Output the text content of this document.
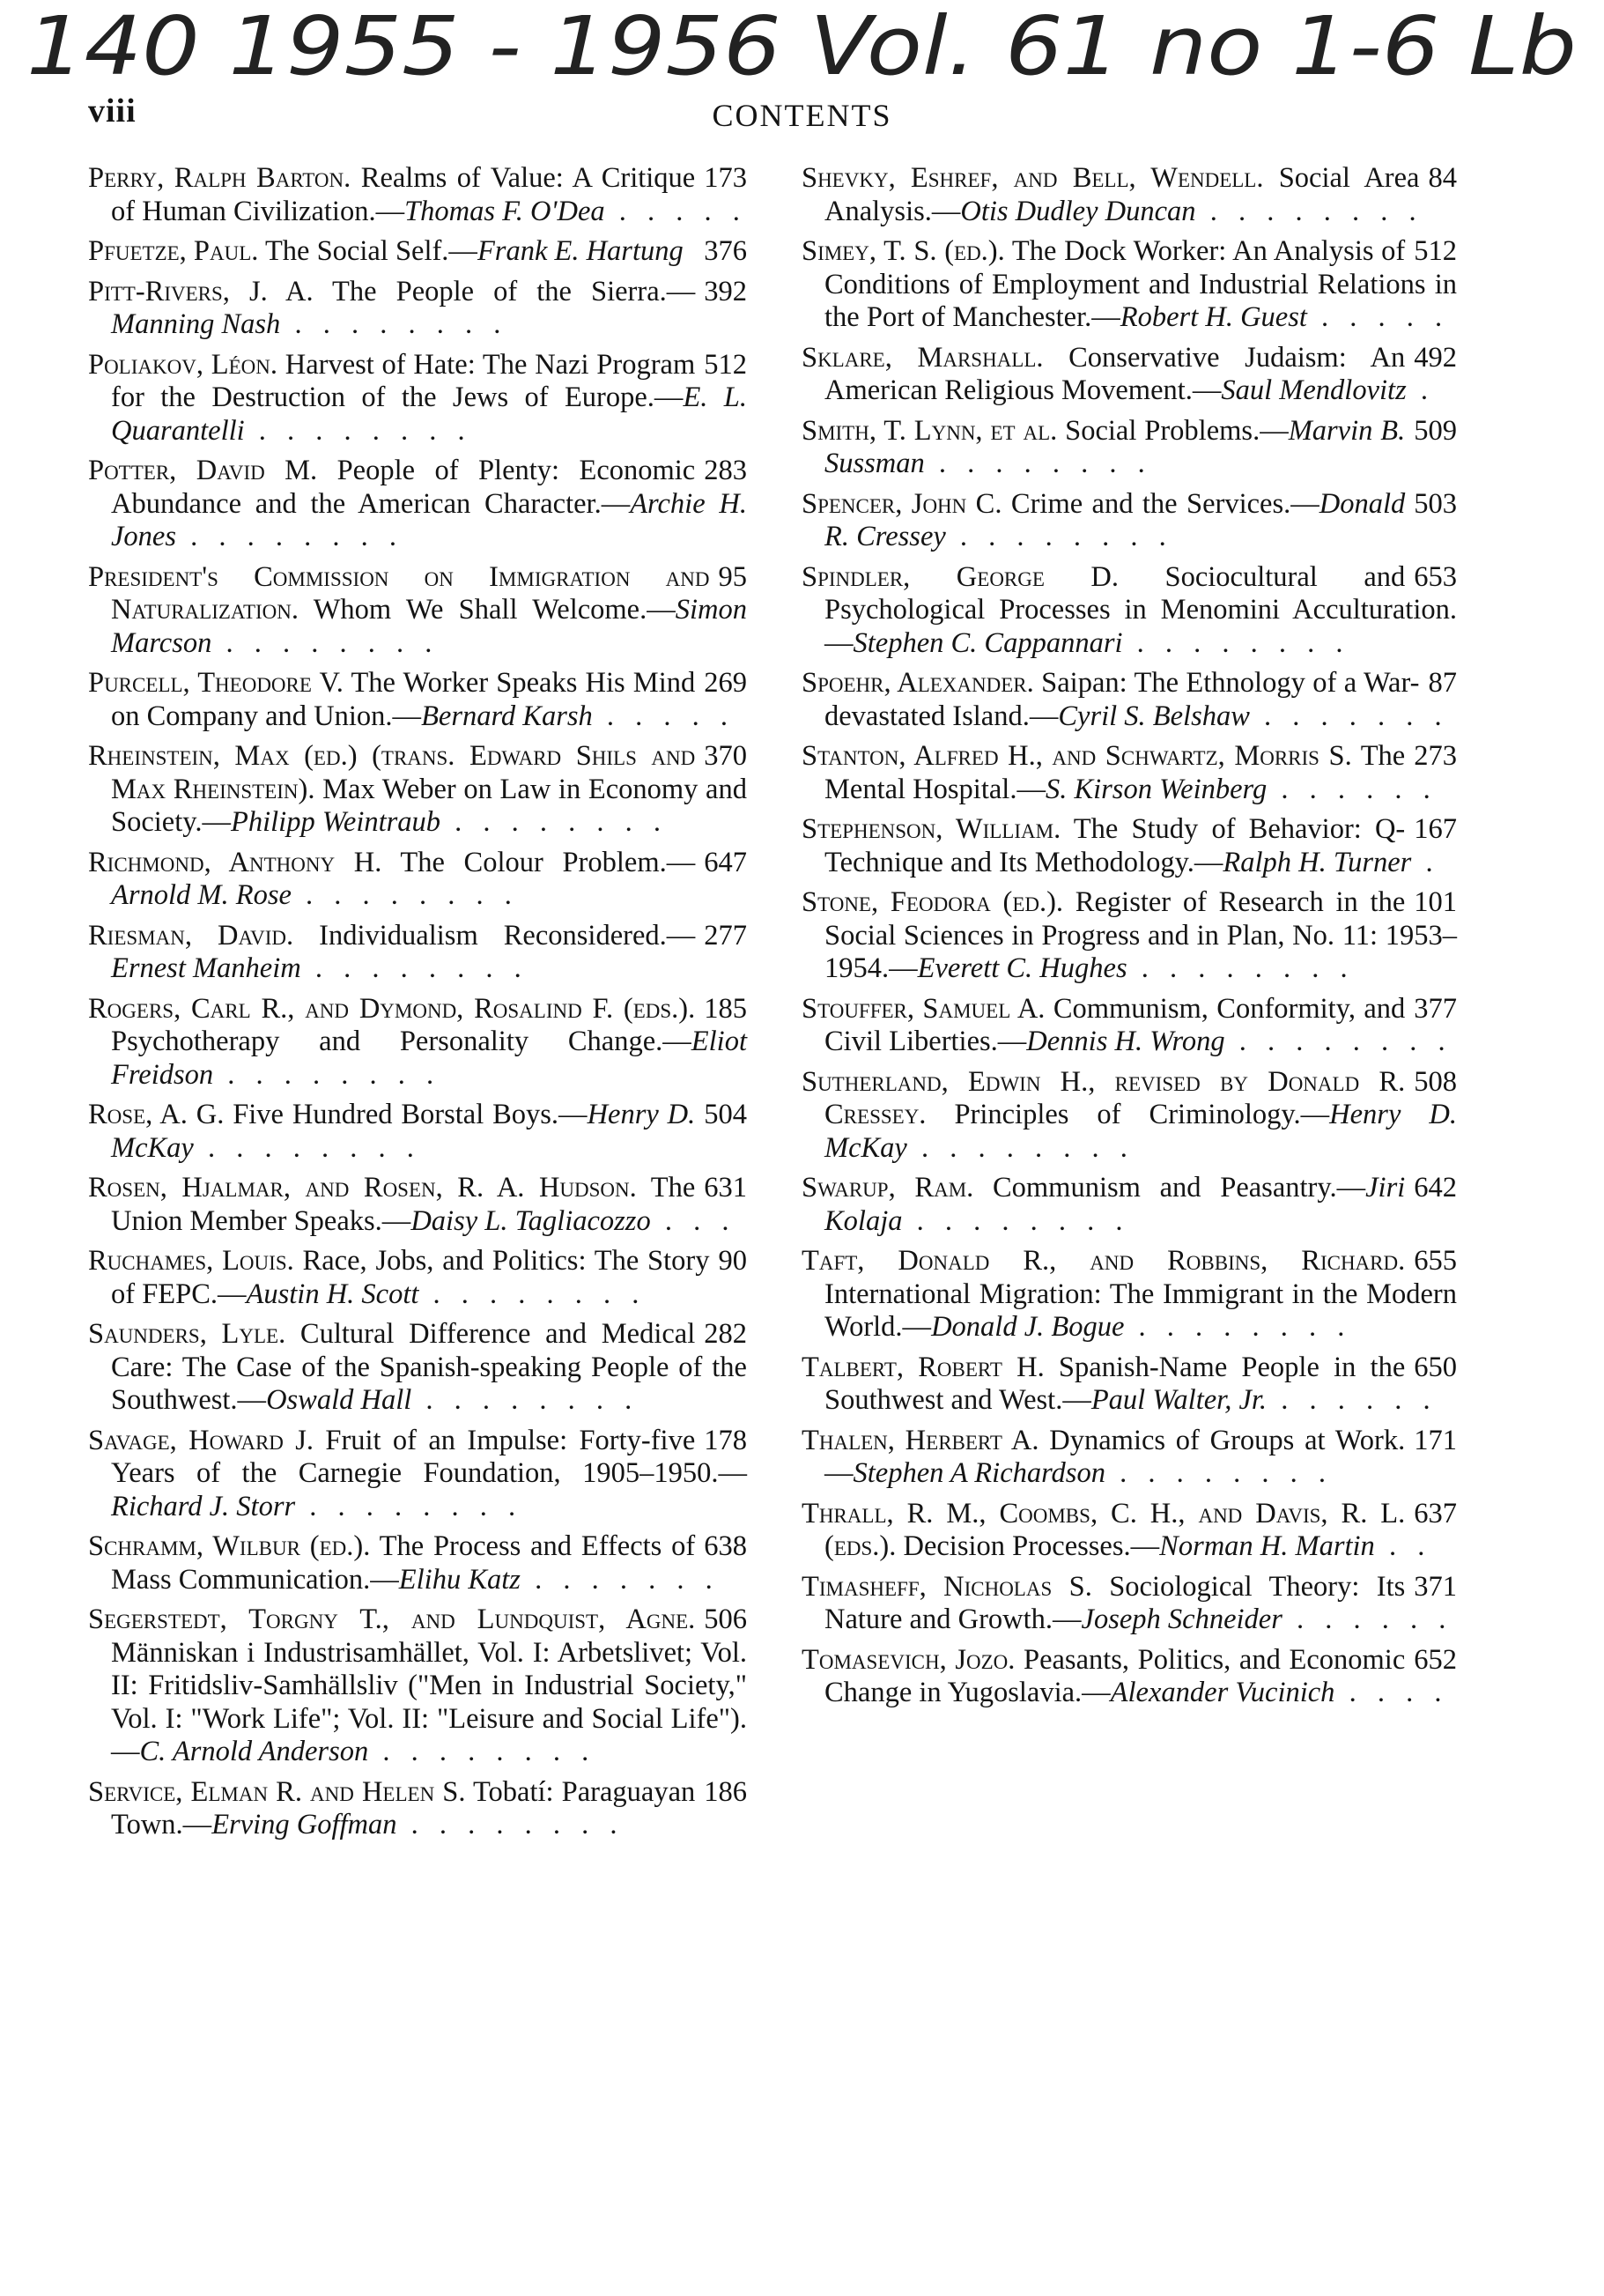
140 1955 - 1956 Vol. 61 no 1-6 Lb
viii	CONTENTS
173
Perry, Ralph Barton. Realms of Value: A Critique of Human Civilization.—Thomas F. O'Dea . . . . .
376
Pfuetze, Paul. The Social Self.—Frank E. Hartung
392
Pitt-Rivers, J. A. The People of the Sierra.—Manning Nash . . . . . . . .
512
Poliakov, Léon. Harvest of Hate: The Nazi Program for the Destruction of the Jews of Europe.—E. L. Quarantelli . . . . . . . .
283
Potter, David M. People of Plenty: Economic Abundance and the American Character.—Archie H. Jones . . . . . . . .
95
President's Commission on Immigration and Naturalization. Whom We Shall Welcome.—Simon Marcson . . . . . . . .
269
Purcell, Theodore V. The Worker Speaks His Mind on Company and Union.—Bernard Karsh . . . . .
370
Rheinstein, Max (ed.) (trans. Edward Shils and Max Rheinstein). Max Weber on Law in Economy and Society.—Philipp Weintraub . . . . . . . .
647
Richmond, Anthony H. The Colour Problem.—Arnold M. Rose . . . . . . . .
277
Riesman, David. Individualism Reconsidered.—Ernest Manheim . . . . . . . .
185
Rogers, Carl R., and Dymond, Rosalind F. (eds.). Psychotherapy and Personality Change.—Eliot Freidson . . . . . . . .
504
Rose, A. G. Five Hundred Borstal Boys.—Henry D. McKay . . . . . . . .
631
Rosen, Hjalmar, and Rosen, R. A. Hudson. The Union Member Speaks.—Daisy L. Tagliacozzo . . .
90
Ruchames, Louis. Race, Jobs, and Politics: The Story of FEPC.—Austin H. Scott . . . . . . . .
282
Saunders, Lyle. Cultural Difference and Medical Care: The Case of the Spanish-speaking People of the Southwest.—Oswald Hall . . . . . . . .
178
Savage, Howard J. Fruit of an Impulse: Forty-five Years of the Carnegie Foundation, 1905–1950.—Richard J. Storr . . . . . . . .
638
Schramm, Wilbur (ed.). The Process and Effects of Mass Communication.—Elihu Katz . . . . . . .
506
Segerstedt, Torgny T., and Lundquist, Agne. Människan i Industrisamhället, Vol. I: Arbetslivet; Vol. II: Fritidsliv-Samhällsliv ("Men in Industrial Society," Vol. I: "Work Life"; Vol. II: "Leisure and Social Life").—C. Arnold Anderson . . . . . . . .
186
Service, Elman R. and Helen S. Tobatí: Paraguayan Town.—Erving Goffman . . . . . . . .
84
Shevky, Eshref, and Bell, Wendell. Social Area Analysis.—Otis Dudley Duncan . . . . . . . .
512
Simey, T. S. (ed.). The Dock Worker: An Analysis of Conditions of Employment and Industrial Relations in the Port of Manchester.—Robert H. Guest . . . . .
492
Sklare, Marshall. Conservative Judaism: An American Religious Movement.—Saul Mendlovitz .
509
Smith, T. Lynn, et al. Social Problems.—Marvin B. Sussman . . . . . . . .
503
Spencer, John C. Crime and the Services.—Donald R. Cressey . . . . . . . .
653
Spindler, George D. Sociocultural and Psychological Processes in Menomini Acculturation.—Stephen C. Cappannari . . . . . . . .
87
Spoehr, Alexander. Saipan: The Ethnology of a War-devastated Island.—Cyril S. Belshaw . . . . . . .
273
Stanton, Alfred H., and Schwartz, Morris S. The Mental Hospital.—S. Kirson Weinberg . . . . . .
167
Stephenson, William. The Study of Behavior: Q-Technique and Its Methodology.—Ralph H. Turner .
101
Stone, Feodora (ed.). Register of Research in the Social Sciences in Progress and in Plan, No. 11: 1953–1954.—Everett C. Hughes . . . . . . . .
377
Stouffer, Samuel A. Communism, Conformity, and Civil Liberties.—Dennis H. Wrong . . . . . . . .
508
Sutherland, Edwin H., revised by Donald R. Cressey. Principles of Criminology.—Henry D. McKay . . . . . . . .
642
Swarup, Ram. Communism and Peasantry.—Jiri Kolaja . . . . . . . .
655
Taft, Donald R., and Robbins, Richard. International Migration: The Immigrant in the Modern World.—Donald J. Bogue . . . . . . . .
650
Talbert, Robert H. Spanish-Name People in the Southwest and West.—Paul Walter, Jr. . . . . . .
171
Thalen, Herbert A. Dynamics of Groups at Work.—Stephen A Richardson . . . . . . . .
637
Thrall, R. M., Coombs, C. H., and Davis, R. L. (eds.). Decision Processes.—Norman H. Martin . .
371
Timasheff, Nicholas S. Sociological Theory: Its Nature and Growth.—Joseph Schneider . . . . . .
652
Tomasevich, Jozo. Peasants, Politics, and Economic Change in Yugoslavia.—Alexander Vucinich . . . .
